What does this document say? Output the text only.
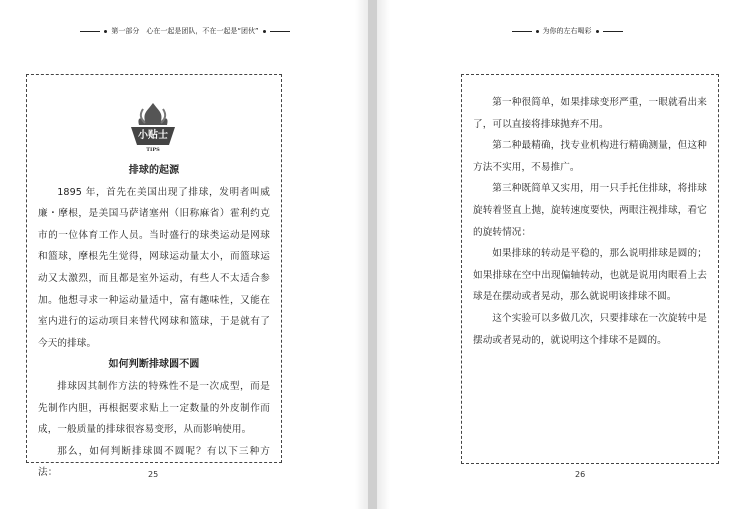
第一部分　心在一起是团队，不在一起是“团伙”
小贴士
TIPS

排球的起源

1895 年，首先在美国出现了排球，发明者叫威廉・摩根，是美国马萨诸塞州（旧称麻省）霍利约克市的一位体育工作人员。当时盛行的球类运动是网球和篮球，摩根先生觉得，网球运动量太小，而篮球运动又太激烈，而且都是室外运动，有些人不太适合参加。他想寻求一种运动量适中，富有趣味性，又能在室内进行的运动项目来替代网球和篮球，于是就有了今天的排球。

如何判断排球圆不圆

排球因其制作方法的特殊性不是一次成型，而是先制作内胆，再根据要求贴上一定数量的外皮制作而成，一般质量的排球很容易变形，从而影响使用。

那么，如何判断排球圆不圆呢？有以下三种方法：	25
为你的左右喝彩

第一种很简单，如果排球变形严重，一眼就看出来了，可以直接将排球抛弃不用。

第二种最精确，找专业机构进行精确测量，但这种方法不实用，不易推广。

第三种既简单又实用，用一只手托住排球，将排球旋转着竖直上抛，旋转速度要快，两眼注视排球，看它的旋转情况：

如果排球的转动是平稳的，那么说明排球是圆的；如果排球在空中出现偏轴转动，也就是说用肉眼看上去球是在摆动或者晃动，那么就说明该排球不圆。

这个实验可以多做几次，只要排球在一次旋转中是摆动或者晃动的，就说明这个排球不是圆的。

26
